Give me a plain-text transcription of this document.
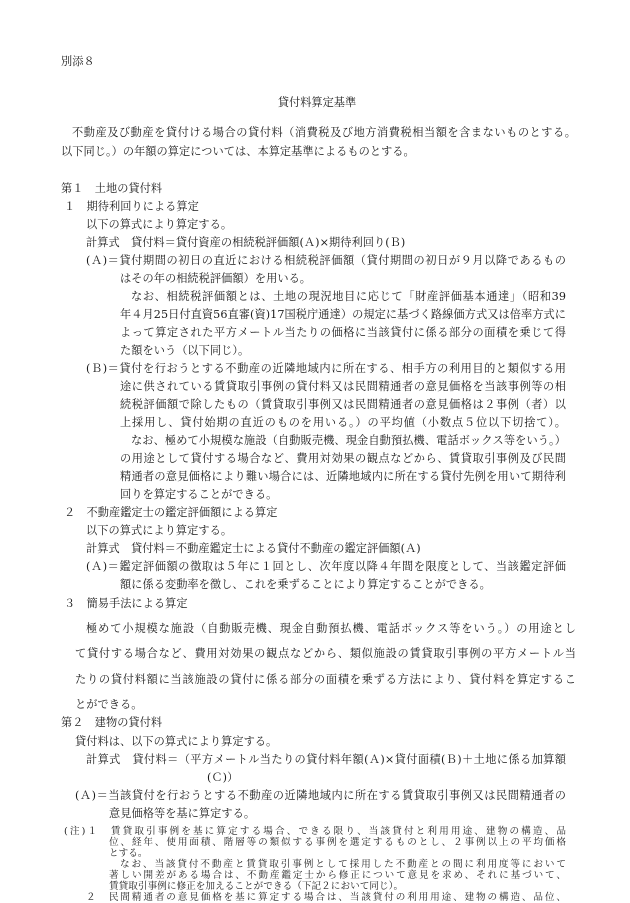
別添８
貸付料算定基準
不動産及び動産を貸付ける場合の貸付料（消費税及び地方消費税相当額を含まないものとする。
以下同じ。）の年額の算定については、本算定基準によるものとする。
第１　土地の貸付料
１　期待利回りによる算定
以下の算式により算定する。
計算式　貸付料＝貸付資産の相続税評価額(Ａ)×期待利回り(Ｂ)
(Ａ)＝貸付期間の初日の直近における相続税評価額（貸付期間の初日が９月以降であるもの
はその年の相続税評価額）を用いる。
なお、相続税評価額とは、土地の現況地目に応じて「財産評価基本通達」（昭和39
年４月25日付直資56直審(資)17国税庁通達）の規定に基づく路線価方式又は倍率方式に
よって算定された平方メートル当たりの価格に当該貸付に係る部分の面積を乗じて得
た額をいう（以下同じ）。
(Ｂ)＝貸付を行おうとする不動産の近隣地域内に所在する、相手方の利用目的と類似する用
途に供されている賃貸取引事例の貸付料又は民間精通者の意見価格を当該事例等の相
続税評価額で除したもの（賃貸取引事例又は民間精通者の意見価格は２事例（者）以
上採用し、貸付始期の直近のものを用いる。）の平均値（小数点５位以下切捨て）。
なお、極めて小規模な施設（自動販売機、現金自動預払機、電話ボックス等をいう。）
の用途として貸付する場合など、費用対効果の観点などから、賃貸取引事例及び民間
精通者の意見価格により難い場合には、近隣地域内に所在する貸付先例を用いて期待利
回りを算定することができる。
２　不動産鑑定士の鑑定評価額による算定
以下の算式により算定する。
計算式　貸付料＝不動産鑑定士による貸付不動産の鑑定評価額(Ａ)
(Ａ)＝鑑定評価額の徴取は５年に１回とし、次年度以降４年間を限度として、当該鑑定評価
額に係る変動率を徴し、これを乗ずることにより算定することができる。
３　簡易手法による算定
極めて小規模な施設（自動販売機、現金自動預払機、電話ボックス等をいう。）の用途とし
て貸付する場合など、費用対効果の観点などから、類似施設の賃貸取引事例の平方メートル当
たりの貸付料額に当該施設の貸付に係る部分の面積を乗ずる方法により、貸付料を算定するこ
とができる。
第２　建物の貸付料
貸付料は、以下の算式により算定する。
計算式　貸付料＝（平方メートル当たりの貸付料年額(Ａ)×貸付面積(Ｂ)＋土地に係る加算額
(Ｃ)）
(Ａ)＝当該貸付を行おうとする不動産の近隣地域内に所在する賃貸取引事例又は民間精通者の
意見価格等を基に算定する。
(注)１　賃貸取引事例を基に算定する場合、できる限り、当該貸付と利用用途、建物の構造、品
位、経年、使用面積、階層等の類似する事例を選定するものとし、２事例以上の平均価格
とする。
なお、当該貸付不動産と賃貸取引事例として採用した不動産との間に利用度等において
著しい開差がある場合は、不動産鑑定士から修正について意見を求め、それに基づいて、
賃貸取引事例に修正を加えることができる（下記２において同じ）。
２　民間精通者の意見価格を基に算定する場合は、当該貸付の利用用途、建物の構造、品位、
